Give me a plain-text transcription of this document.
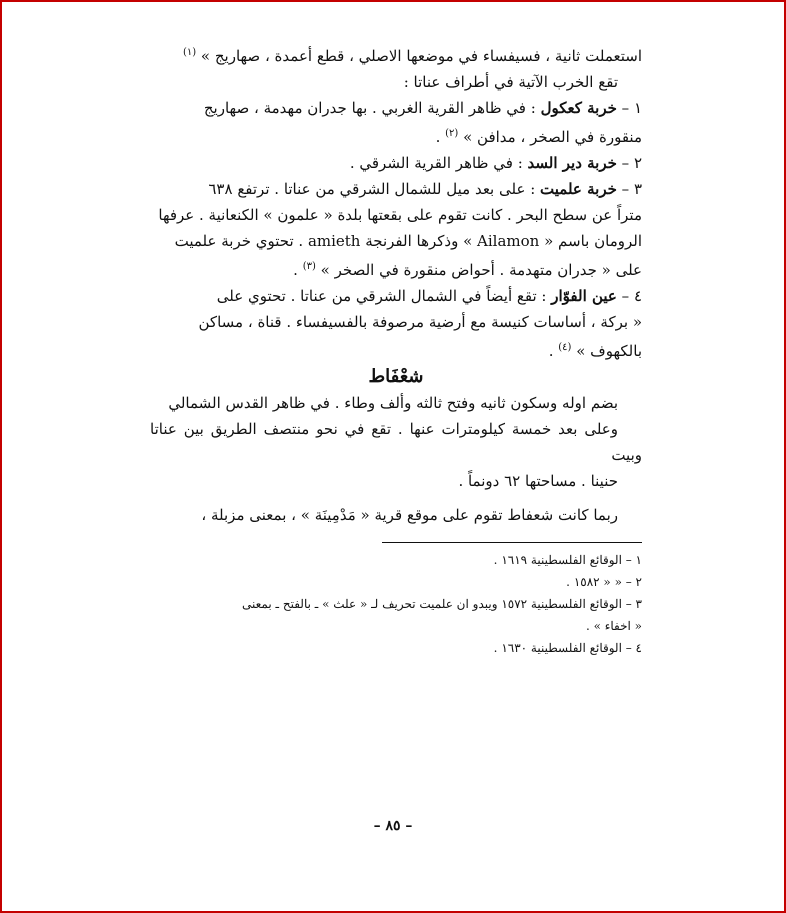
استعملت ثانية ، فسيفساء في موضعها الاصلي ، قطع أعمدة ، صهاريج » $^{(١)}$

تقع الخرب الآتية في أطراف عناتا :

١ – خربة كعكول : في ظاهر القرية الغربي . بها جدران مهدمة ، صهاريج
منقورة في الصخر ، مدافن » $^{(٢)}$ .

٢ – خربة دير السد : في ظاهر القرية الشرقي .

٣ – خربة علميت : على بعد ميل للشمال الشرقي من عناتا . ترتفع ٦٣٨
متراً عن سطح البحر . كانت تقوم على بقعتها بلدة « علمون » الكنعانية . عرفها
الرومان باسم « Ailamon » وذكرها الفرنجة amieth . تحتوي خربة علميت
على « جدران متهدمة . أحواض منقورة في الصخر » $^{(٣)}$ .

٤ – عين الفوّار : تقع أيضاً في الشمال الشرقي من عناتا . تحتوي على
« بركة ، أساسات كنيسة مع أرضية مرصوفة بالفسيفساء . قناة ، مساكن
بالكهوف » $^{(٤)}$ .

شعْفَاط

بضم اوله وسكون ثانيه وفتح ثالثه وألف وطاء . في ظاهر القدس الشمالي
وعلى بعد خمسة كيلومترات عنها . تقع في نحو منتصف الطريق بين عناتا وبيت
حنينا . مساحتها ٦٢ دونماً .

ربما كانت شعفاط تقوم على موقع قرية « مَدْمِينَة » ، بمعنى مزبلة ،

١ – الوقائع الفلسطينية ١٦١٩ .
٢ – « « ١٥٨٢ .
٣ – الوقائع الفلسطينية ١٥٧٢ ويبدو ان علميت تحريف لـ « علث » ـ بالفتح ـ بمعنى
« اخفاء » .
٤ – الوقائع الفلسطينية ١٦٣٠ .
– ٨٥ –
